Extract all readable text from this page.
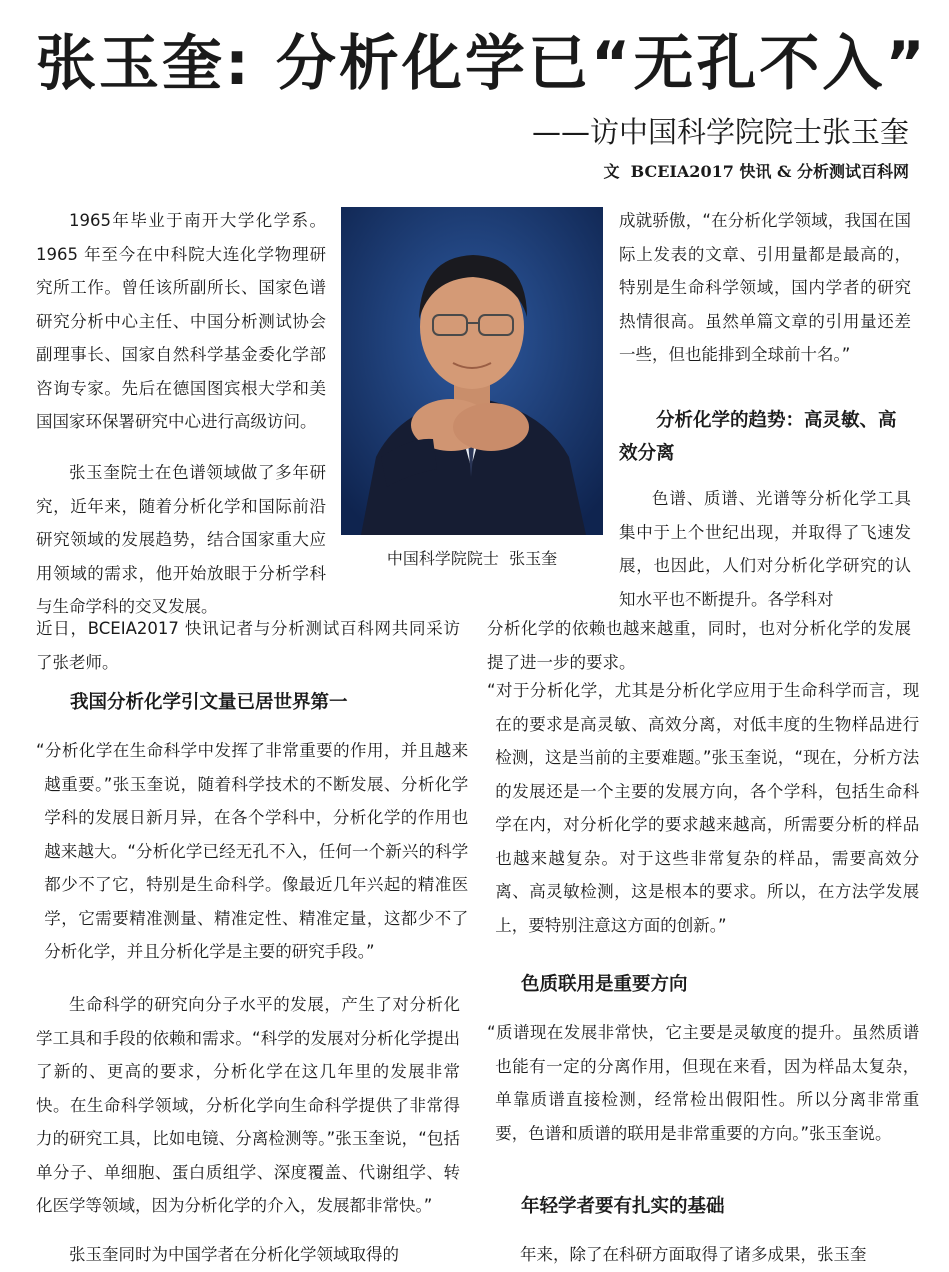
张玉奎: 分析化学已“无孔不入”
——访中国科学院院士张玉奎

文 BCEIA2017 快讯 & 分析测试百科网

中国科学院院士  张玉奎

1965年毕业于南开大学化学系。1965 年至今在中科院大连化学物理研究所工作。曾任该所副所长、国家色谱研究分析中心主任、中国分析测试协会副理事长、国家自然科学基金委化学部咨询专家。先后在德国图宾根大学和美国国家环保署研究中心进行高级访问。

张玉奎院士在色谱领域做了多年研究，近年来，随着分析化学和国际前沿研究领域的发展趋势，结合国家重大应用领域的需求，他开始放眼于分析学科与生命学科的交叉发展。

近日，BCEIA2017 快讯记者与分析测试百科网共同采访了张老师。

我国分析化学引文量已居世界第一

“分析化学在生命科学中发挥了非常重要的作用，并且越来越重要。”张玉奎说，随着科学技术的不断发展、分析化学学科的发展日新月异，在各个学科中，分析化学的作用也越来越大。“分析化学已经无孔不入，任何一个新兴的科学都少不了它，特别是生命科学。像最近几年兴起的精准医学，它需要精准测量、精准定性、精准定量，这都少不了分析化学，并且分析化学是主要的研究手段。”

生命科学的研究向分子水平的发展，产生了对分析化学工具和手段的依赖和需求。“科学的发展对分析化学提出了新的、更高的要求，分析化学在这几年里的发展非常快。在生命科学领域，分析化学向生命科学提供了非常得力的研究工具，比如电镜、分离检测等。”张玉奎说，“包括单分子、单细胞、蛋白质组学、深度覆盖、代谢组学、转化医学等领域，因为分析化学的介入，发展都非常快。”

张玉奎同时为中国学者在分析化学领域取得的

成就骄傲，“在分析化学领域，我国在国际上发表的文章、引用量都是最高的，特别是生命科学领域，国内学者的研究热情很高。虽然单篇文章的引用量还差一些，但也能排到全球前十名。”

分析化学的趋势：高灵敏、高效分离

色谱、质谱、光谱等分析化学工具集中于上个世纪出现，并取得了飞速发展，也因此，人们对分析化学研究的认知水平也不断提升。各学科对

分析化学的依赖也越来越重，同时，也对分析化学的发展提了进一步的要求。

“对于分析化学，尤其是分析化学应用于生命科学而言，现在的要求是高灵敏、高效分离，对低丰度的生物样品进行检测，这是当前的主要难题。”张玉奎说，“现在，分析方法的发展还是一个主要的发展方向，各个学科，包括生命科学在内，对分析化学的要求越来越高，所需要分析的样品也越来越复杂。对于这些非常复杂的样品，需要高效分离、高灵敏检测，这是根本的要求。所以，在方法学发展上，要特别注意这方面的创新。”

色质联用是重要方向

“质谱现在发展非常快，它主要是灵敏度的提升。虽然质谱也能有一定的分离作用，但现在来看，因为样品太复杂，单靠质谱直接检测，经常检出假阳性。所以分离非常重要，色谱和质谱的联用是非常重要的方向。”张玉奎说。

年轻学者要有扎实的基础

年来，除了在科研方面取得了诸多成果，张玉奎
